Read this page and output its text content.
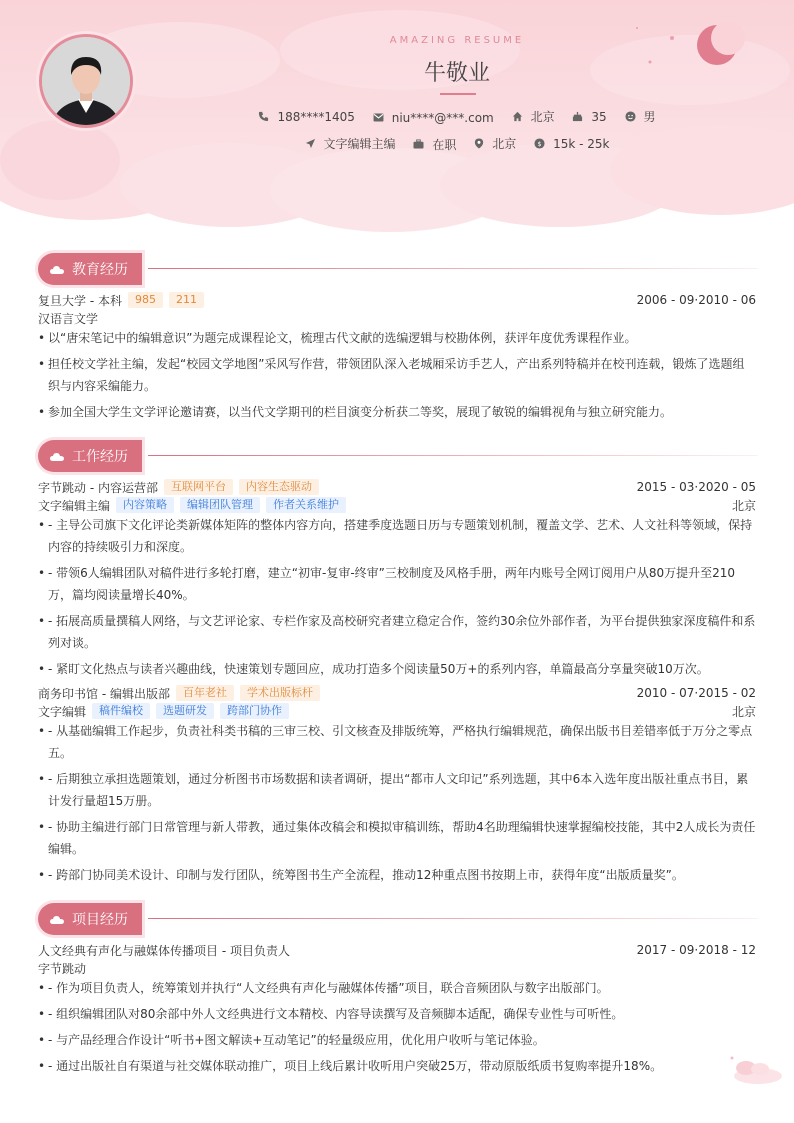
AMAZING RESUME
牛敬业
188****1405
	niu****@***.com
	北京
	35
	男
文字编辑主编
	在职
	北京
	$ 15k - 25k
教育经历
复旦大学 - 本科	985	211	2006 - 09·2010 - 06
汉语言文学
• 以“唐宋笔记中的编辑意识”为题完成课程论文，梳理古代文献的选编逻辑与校勘体例，获评年度优秀课程作业。
• 担任校文学社主编，发起“校园文学地图”采风写作营，带领团队深入老城厢采访手艺人，产出系列特稿并在校刊连载，锻炼了选题组织与内容采编能力。
• 参加全国大学生文学评论邀请赛，以当代文学期刊的栏目演变分析获二等奖，展现了敏锐的编辑视角与独立研究能力。
工作经历
字节跳动 - 内容运营部	互联网平台	内容生态驱动	2015 - 03·2020 - 05
文字编辑主编	内容策略	编辑团队管理	作者关系维护	北京
• - 主导公司旗下文化评论类新媒体矩阵的整体内容方向，搭建季度选题日历与专题策划机制，覆盖文学、艺术、人文社科等领域，保持内容的持续吸引力和深度。
• - 带领6人编辑团队对稿件进行多轮打磨，建立“初审-复审-终审”三校制度及风格手册，两年内账号全网订阅用户从80万提升至210万，篇均阅读量增长40%。
• - 拓展高质量撰稿人网络，与文艺评论家、专栏作家及高校研究者建立稳定合作，签约30余位外部作者，为平台提供独家深度稿件和系列对谈。
• - 紧盯文化热点与读者兴趣曲线，快速策划专题回应，成功打造多个阅读量50万+的系列内容，单篇最高分享量突破10万次。
商务印书馆 - 编辑出版部	百年老社	学术出版标杆	2010 - 07·2015 - 02
文字编辑	稿件编校	选题研发	跨部门协作	北京
• - 从基础编辑工作起步，负责社科类书稿的三审三校、引文核查及排版统筹，严格执行编辑规范，确保出版书目差错率低于万分之零点五。
• - 后期独立承担选题策划，通过分析图书市场数据和读者调研，提出“都市人文印记”系列选题，其中6本入选年度出版社重点书目，累计发行量超15万册。
• - 协助主编进行部门日常管理与新人带教，通过集体改稿会和模拟审稿训练，帮助4名助理编辑快速掌握编校技能，其中2人成长为责任编辑。
• - 跨部门协同美术设计、印制与发行团队，统筹图书生产全流程，推动12种重点图书按期上市，获得年度“出版质量奖”。
项目经历
人文经典有声化与融媒体传播项目 - 项目负责人	2017 - 09·2018 - 12
字节跳动
• - 作为项目负责人，统筹策划并执行“人文经典有声化与融媒体传播”项目，联合音频团队与数字出版部门。
• - 组织编辑团队对80余部中外人文经典进行文本精校、内容导读撰写及音频脚本适配，确保专业性与可听性。
• - 与产品经理合作设计“听书+图文解读+互动笔记”的轻量级应用，优化用户收听与笔记体验。
• - 通过出版社自有渠道与社交媒体联动推广，项目上线后累计收听用户突破25万，带动原版纸质书复购率提升18%。
